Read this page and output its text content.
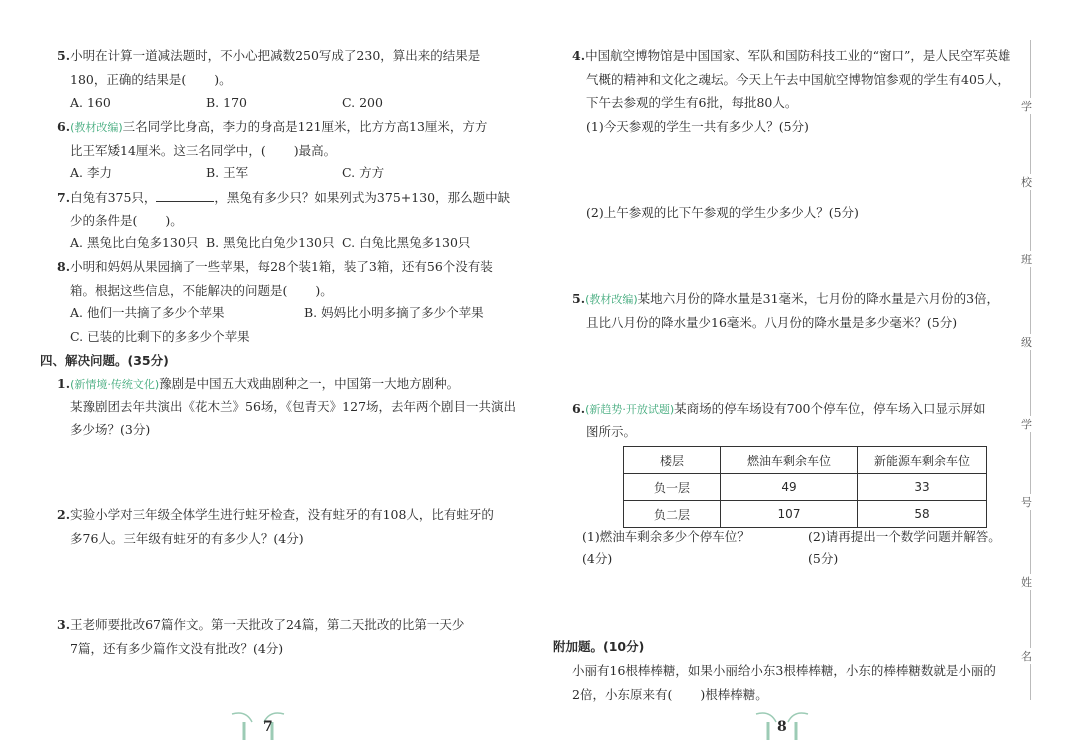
5.小明在计算一道减法题时，不小心把减数250写成了230，算出来的结果是
180，正确的结果是( )。
A. 160	B. 170	C. 200
6.(教材改编)三名同学比身高，李力的身高是121厘米，比方方高13厘米，方方
比王军矮14厘米。这三名同学中，( )最高。
A. 李力	B. 王军	C. 方方
7.白兔有375只，	，黑兔有多少只？如果列式为375+130，那么题中缺
少的条件是( )。
A. 黑兔比白兔多130只 B. 黑兔比白兔少130只 C. 白兔比黑兔多130只
8.小明和妈妈从果园摘了一些苹果，每28个装1箱，装了3箱，还有56个没有装
箱。根据这些信息，不能解决的问题是( )。
A. 他们一共摘了多少个苹果	B. 妈妈比小明多摘了多少个苹果
C. 已装的比剩下的多多少个苹果
四、解决问题。(35分)
1.(新情境·传统文化)豫剧是中国五大戏曲剧种之一，中国第一大地方剧种。
某豫剧团去年共演出《花木兰》56场，《包青天》127场，去年两个剧目一共演出
多少场？(3分)
2.实验小学对三年级全体学生进行蛀牙检查，没有蛀牙的有108人，比有蛀牙的
多76人。三年级有蛀牙的有多少人？(4分)
3.王老师要批改67篇作文。第一天批改了24篇，第二天批改的比第一天少
7篇，还有多少篇作文没有批改？(4分)
7
4.中国航空博物馆是中国国家、军队和国防科技工业的“窗口”，是人民空军英雄
气概的精神和文化之魂坛。今天上午去中国航空博物馆参观的学生有405人，
下午去参观的学生有6批，每批80人。
(1)今天参观的学生一共有多少人？(5分)
(2)上午参观的比下午参观的学生少多少人？(5分)
5.(教材改编)某地六月份的降水量是31毫米，七月份的降水量是六月份的3倍，
且比八月份的降水量少16毫米。八月份的降水量是多少毫米？(5分)
6.(新趋势·开放试题)某商场的停车场设有700个停车位，停车场入口显示屏如
图所示。
楼层	燃油车剩余车位	新能源车剩余车位
负一层	49	33
负二层	107	58
(1)燃油车剩余多少个停车位？
(4分)
(2)请再提出一个数学问题并解答。
(5分)
附加题。(10分)
小丽有16根棒棒糖，如果小丽给小东3根棒棒糖，小东的棒棒糖数就是小丽的
2倍，小东原来有( )根棒棒糖。
8
学
校
班
级
学
号
姓
名
